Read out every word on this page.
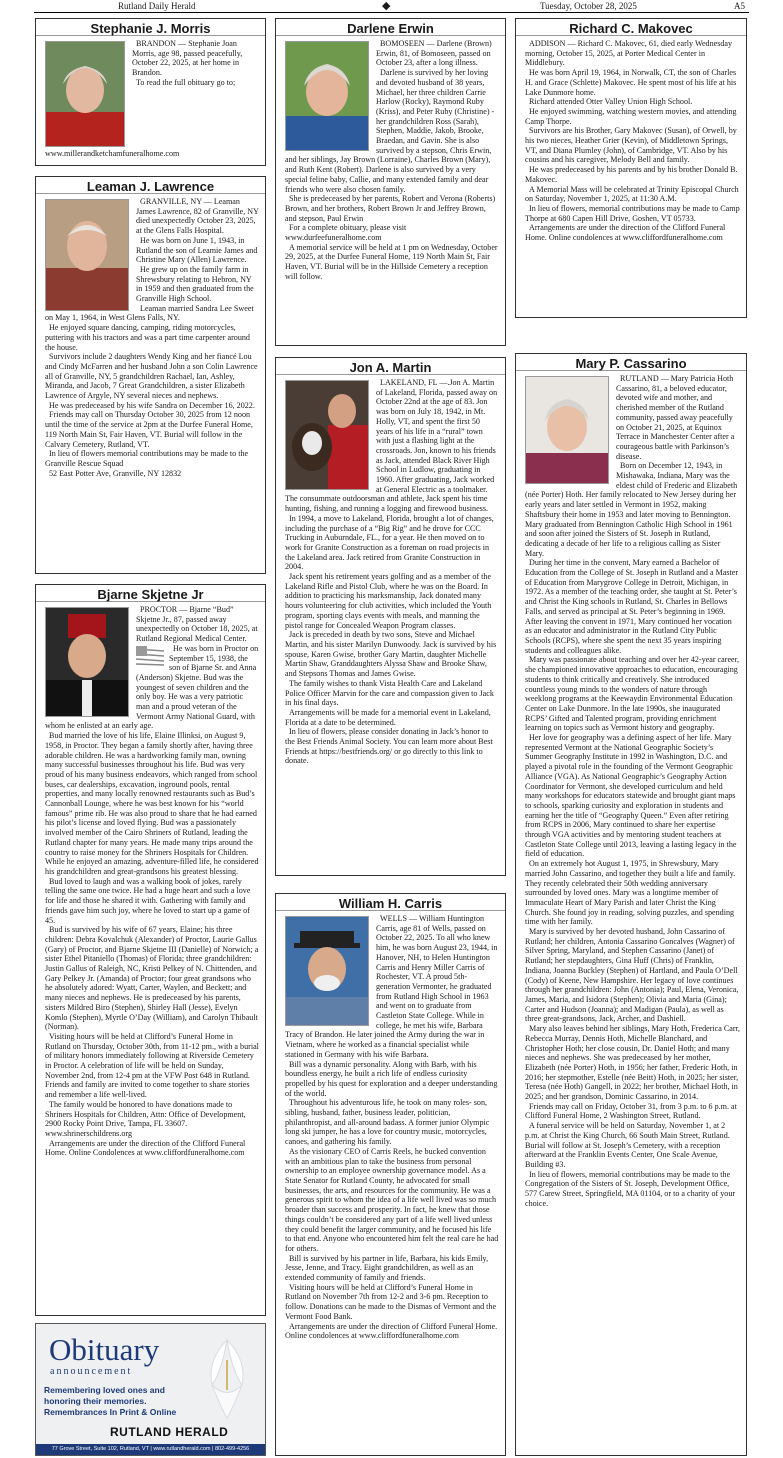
Rutland Daily Herald	◆	Tuesday, October 28, 2025	A5
Stephanie J. Morris

BRANDON — Stephanie Joan Morris, age 98, passed peacefully, October 22, 2025, at her home in Brandon.

To read the full obituary go to; www.millerandketchamfuneralhome.com

Leaman J. Lawrence

GRANVILLE, NY — Leaman James Lawrence, 82 of Granville, NY died unexpectedly October 23, 2025, at the Glens Falls Hospital.

He was born on June 1, 1943, in Rutland the son of Leamie James and Christine Mary (Allen) Lawrence.

He grew up on the family farm in Shrewsbury relating to Hebron, NY in 1959 and then graduated from the Granville High School.

Leaman married Sandra Lee Sweet on May 1, 1964, in West Glens Falls, NY.

He enjoyed square dancing, camping, riding motorcycles, puttering with his tractors and was a part time carpenter around the house.

Survivors include 2 daughters Wendy King and her fiancé Lou and Cindy McFarren and her husband John a son Colin Lawrence all of Granville, NY, 5 grandchildren Rachael, Ian, Ashley, Miranda, and Jacob, 7 Great Grandchildren, a sister Elizabeth Lawrence of Argyle, NY several nieces and nephews.

He was predeceased by his wife Sandra on December 16, 2022.

Friends may call on Thursday October 30, 2025 from 12 noon until the time of the service at 2pm at the Durfee Funeral Home, 119 North Main St, Fair Haven, VT. Burial will follow in the Calvary Cemetery, Rutland, VT.

In lieu of flowers memorial contributions may be made to the Granville Rescue Squad

52 East Potter Ave, Granville, NY 12832

Bjarne Skjetne Jr

PROCTOR — Bjarne “Bud” Skjetne Jr., 87, passed away unexpectedly on October 18, 2025, at Rutland Regional Medical Center.

He was born in Proctor on September 15, 1938, the son of Bjarne Sr. and Anna (Anderson) Skjetne. Bud was the youngest of seven children and the only boy. He was a very patriotic man and a proud veteran of the Vermont Army National Guard, with whom he enlisted at an early age.

Bud married the love of his life, Elaine Illinksi, on August 9, 1958, in Proctor. They began a family shortly after, having three adorable children. He was a hardworking family man, owning many successful businesses throughout his life. Bud was very proud of his many business endeavors, which ranged from school buses, car dealerships, excavation, inground pools, rental properties, and many locally renowned restaurants such as Bud’s Cannonball Lounge, where he was best known for his “world famous” prime rib. He was also proud to share that he had earned his pilot’s license and loved flying. Bud was a passionately involved member of the Cairo Shriners of Rutland, leading the Rutland chapter for many years. He made many trips around the country to raise money for the Shriners Hospitals for Children. While he enjoyed an amazing, adventure-filled life, he considered his grandchildren and great-grandsons his greatest blessing.

Bud loved to laugh and was a walking book of jokes, rarely telling the same one twice. He had a huge heart and such a love for life and those he shared it with. Gathering with family and friends gave him such joy, where he loved to start up a game of 45.

Bud is survived by his wife of 67 years, Elaine; his three children: Debra Kovalchuk (Alexander) of Proctor, Laurie Gallus (Gary) of Proctor, and Bjarne Skjetne III (Danielle) of Norwich; a sister Ethel Pitaniello (Thomas) of Florida; three grandchildren: Justin Gallus of Raleigh, NC, Kristi Pelkey of N. Chittenden, and Gary Pelkey Jr. (Amanda) of Proctor; four great grandsons who he absolutely adored: Wyatt, Carter, Waylen, and Beckett; and many nieces and nephews. He is predeceased by his parents, sisters Mildred Biro (Stephen), Shirley Hall (Jesse), Evelyn Komlo (Stephen), Myrtle O’Day (William), and Carolyn Thibault (Norman).

Visiting hours will be held at Clifford’s Funeral Home in Rutland on Thursday, October 30th, from 11-12 pm., with a burial of military honors immediately following at Riverside Cemetery in Proctor. A celebration of life will be held on Sunday, November 2nd, from 12-4 pm at the VFW Post 648 in Rutland. Friends and family are invited to come together to share stories and remember a life well-lived.

The family would be honored to have donations made to Shriners Hospitals for Children, Attn: Office of Development, 2900 Rocky Point Drive, Tampa, FL 33607. www.shrinerschildrens.org

Arrangements are under the direction of the Clifford Funeral Home. Online Condolences at www.cliffordfuneralhome.com

Obituary
announcement
Remembering loved ones and
honoring their memories.
Remembrances In Print & Online
RUTLAND HERALD
77 Grove Street, Suite 102, Rutland, VT | www.rutlandherald.com | 802-499-4256
Darlene Erwin

BOMOSEEN — Darlene (Brown) Erwin, 81, of Bomoseen, passed on October 23, after a long illness.

Darlene is survived by her loving and devoted husband of 38 years, Michael, her three children Carrie Harlow (Rocky), Raymond Ruby (Kriss), and Peter Ruby (Christine) - her grandchildren Ross (Sarah), Stephen, Maddie, Jakob, Brooke, Braedan, and Gavin. She is also survived by a stepson, Chris Erwin, and her siblings, Jay Brown (Lorraine), Charles Brown (Mary), and Ruth Kent (Robert). Darlene is also survived by a very special feline baby, Callie, and many extended family and dear friends who were also chosen family.

She is predeceased by her parents, Robert and Verona (Roberts) Brown, and her brothers, Robert Brown Jr and Jeffrey Brown, and stepson, Paul Erwin

For a complete obituary, please visit www.durfeefuneralhome.com

A memorial service will be held at 1 pm on Wednesday, October 29, 2025, at the Durfee Funeral Home, 119 North Main St, Fair Haven, VT. Burial will be in the Hillside Cemetery a reception will follow.

Jon A. Martin

LAKELAND, FL —.Jon A. Martin of Lakeland, Florida, passed away on October 22nd at the age of 83. Jon was born on July 18, 1942, in Mt. Holly, VT, and spent the first 50 years of his life in a “rural” town with just a flashing light at the crossroads. Jon, known to his friends as Jack, attended Black River High School in Ludlow, graduating in 1960. After graduating, Jack worked at General Electric as a toolmaker. The consummate outdoorsman and athlete, Jack spent his time hunting, fishing, and running a logging and firewood business.

In 1994, a move to Lakeland, Florida, brought a lot of changes, including the purchase of a “Big Rig” and he drove for CCC Trucking in Auburndale, FL., for a year. He then moved on to work for Granite Construction as a foreman on road projects in the Lakeland area. Jack retired from Granite Construction in 2004.

Jack spent his retirement years golfing and as a member of the Lakeland Rifle and Pistol Club, where he was on the Board. In addition to practicing his marksmanship, Jack donated many hours volunteering for club activities, which included the Youth program, sporting clays events with meals, and manning the pistol range for Concealed Weapon Program classes.

Jack is preceded in death by two sons, Steve and Michael Martin, and his sister Marilyn Dunwoody. Jack is survived by his spouse, Karen Gwise, brother Gary Martin, daughter Michelle Martin Shaw, Granddaughters Alyssa Shaw and Brooke Shaw, and Stepsons Thomas and James Gwise.

The family wishes to thank Vista Health Care and Lakeland Police Officer Marvin for the care and compassion given to Jack in his final days.

Arrangements will be made for a memorial event in Lakeland, Florida at a date to be determined.

In lieu of flowers, please consider donating in Jack’s honor to the Best Friends Animal Society. You can learn more about Best Friends at https://bestfriends.org/ or go directly to this link to donate.

William H. Carris

WELLS — William Huntington Carris, age 81 of Wells, passed on October 22, 2025. To all who knew him, he was born August 23, 1944, in Hanover, NH, to Helen Huntington Carris and Henry Miller Carris of Rochester, VT. A proud 5th-generation Vermonter, he graduated from Rutland High School in 1963 and went on to graduate from Castleton State College. While in college, he met his wife, Barbara Tracy of Brandon. He later joined the Army during the war in Vietnam, where he worked as a financial specialist while stationed in Germany with his wife Barbara.

Bill was a dynamic personality. Along with Barb, with his boundless energy, he built a rich life of endless curiosity propelled by his quest for exploration and a deeper understanding of the world.

Throughout his adventurous life, he took on many roles- son, sibling, husband, father, business leader, politician, philanthropist, and all-around badass. A former junior Olympic long ski jumper, he has a love for country music, motorcycles, canoes, and gathering his family.

As the visionary CEO of Carris Reels, he bucked convention with an ambitious plan to take the business from personal ownership to an employee ownership governance model. As a State Senator for Rutland County, he advocated for small businesses, the arts, and resources for the community. He was a generous spirit to whom the idea of a life well lived was so much broader than success and prosperity. In fact, he knew that those things couldn’t be considered any part of a life well lived unless they could benefit the larger community, and he focused his life to that end. Anyone who encountered him felt the real care he had for others.

Bill is survived by his partner in life, Barbara, his kids Emily, Jesse, Jenne, and Tracy. Eight grandchildren, as well as an extended community of family and friends.

Visiting hours will be held at Clifford’s Funeral Home in Rutland on November 7th from 12-2 and 3-6 pm. Reception to follow. Donations can be made to the Dismas of Vermont and the Vermont Food Bank.

Arrangements are under the direction of Clifford Funeral Home. Online condolences at www.cliffordfuneralhome.com

Richard C. Makovec

ADDISON — Richard C. Makovec, 61, died early Wednesday morning, October 15, 2025, at Porter Medical Center in Middlebury.

He was born April 19, 1964, in Norwalk, CT, the son of Charles H. and Grace (Schlette) Makovec. He spent most of his life at his Lake Dunmore home.

Richard attended Otter Valley Union High School.

He enjoyed swimming, watching western movies, and attending Camp Thorpe.

Survivors are his Brother, Gary Makovec (Susan), of Orwell, by his two nieces, Heather Grier (Kevin), of Middletown Springs, VT, and Diana Plumley (John), of Cambridge, VT. Also by his cousins and his caregiver, Melody Bell and family.

He was predeceased by his parents and by his brother Donald B. Makovec.

A Memorial Mass will be celebrated at Trinity Episcopal Church on Saturday, November 1, 2025, at 11:30 A.M.

In lieu of flowers, memorial contributions may be made to Camp Thorpe at 680 Capen Hill Drive, Goshen, VT 05733.

Arrangements are under the direction of the Clifford Funeral Home. Online condolences at www.cliffordfuneralhome.com

Mary P. Cassarino

RUTLAND — Mary Patricia Hoth Cassarino, 81, a beloved educator, devoted wife and mother, and cherished member of the Rutland community, passed away peacefully on October 21, 2025, at Equinox Terrace in Manchester Center after a courageous battle with Parkinson’s disease.

Born on December 12, 1943, in Mishawaka, Indiana, Mary was the eldest child of Frederic and Elizabeth (née Porter) Hoth. Her family relocated to New Jersey during her early years and later settled in Vermont in 1952, making Shaftsbury their home in 1953 and later moving to Bennington. Mary graduated from Bennington Catholic High School in 1961 and soon after joined the Sisters of St. Joseph in Rutland, dedicating a decade of her life to a religious calling as Sister Mary.

During her time in the convent, Mary earned a Bachelor of Education from the College of St. Joseph in Rutland and a Master of Education from Marygrove College in Detroit, Michigan, in 1972. As a member of the teaching order, she taught at St. Peter’s and Christ the King schools in Rutland, St. Charles in Bellows Falls, and served as principal at St. Peter’s beginning in 1969. After leaving the convent in 1971, Mary continued her vocation as an educator and administrator in the Rutland City Public Schools (RCPS), where she spent the next 35 years inspiring students and colleagues alike.

Mary was passionate about teaching and over her 42-year career, she championed innovative approaches to education, encouraging students to think critically and creatively. She introduced countless young minds to the wonders of nature through weeklong programs at the Keewaydin Environmental Education Center on Lake Dunmore. In the late 1990s, she inaugurated RCPS’ Gifted and Talented program, providing enrichment learning on topics such as Vermont history and geography.

Her love for geography was a defining aspect of her life. Mary represented Vermont at the National Geographic Society’s Summer Geography Institute in 1992 in Washington, D.C. and played a pivotal role in the founding of the Vermont Geographic Alliance (VGA). As National Geographic’s Geography Action Coordinator for Vermont, she developed curriculum and held many workshops for educators statewide and brought giant maps to schools, sparking curiosity and exploration in students and earning her the title of “Geography Queen.” Even after retiring from RCPS in 2006, Mary continued to share her expertise through VGA activities and by mentoring student teachers at Castleton State College until 2013, leaving a lasting legacy in the field of education.

On an extremely hot August 1, 1975, in Shrewsbury, Mary married John Cassarino, and together they built a life and family. They recently celebrated their 50th wedding anniversary surrounded by loved ones. Mary was a longtime member of Immaculate Heart of Mary Parish and later Christ the King Church. She found joy in reading, solving puzzles, and spending time with her family.

Mary is survived by her devoted husband, John Cassarino of Rutland; her children, Antonia Cassarino Goncalves (Wagner) of Silver Spring, Maryland, and Stephen Cassarino (Janet) of Rutland; her stepdaughters, Gina Huff (Chris) of Franklin, Indiana, Joanna Buckley (Stephen) of Hartland, and Paula O’Dell (Cody) of Keene, New Hampshire. Her legacy of love continues through her grandchildren: John (Antonia); Paul, Elena, Veronica, James, Maria, and Isidora (Stephen); Olivia and Maria (Gina); Carter and Hudson (Joanna); and Madigan (Paula), as well as three great-grandsons, Jack, Archer, and Dashiell.

Mary also leaves behind her siblings, Mary Hoth, Frederica Carr, Rebecca Murray, Dennis Hoth, Michelle Blanchard, and Christopher Hoth; her close cousin, Dr. Daniel Hoth; and many nieces and nephews. She was predeceased by her mother, Elizabeth (née Porter) Hoth, in 1956; her father, Frederic Hoth, in 2016; her stepmother, Estelle (née Beitt) Hoth, in 2025; her sister, Teresa (née Hoth) Gangell, in 2022; her brother, Michael Hoth, in 2025; and her grandson, Dominic Cassarino, in 2014.

Friends may call on Friday, October 31, from 3 p.m. to 6 p.m. at Clifford Funeral Home, 2 Washington Street, Rutland.

A funeral service will be held on Saturday, November 1, at 2 p.m. at Christ the King Church, 66 South Main Street, Rutland. Burial will follow at St. Joseph’s Cemetery, with a reception afterward at the Franklin Events Center, One Scale Avenue, Building #3.

In lieu of flowers, memorial contributions may be made to the Congregation of the Sisters of St. Joseph, Development Office, 577 Carew Street, Springfield, MA 01104, or to a charity of your choice.
